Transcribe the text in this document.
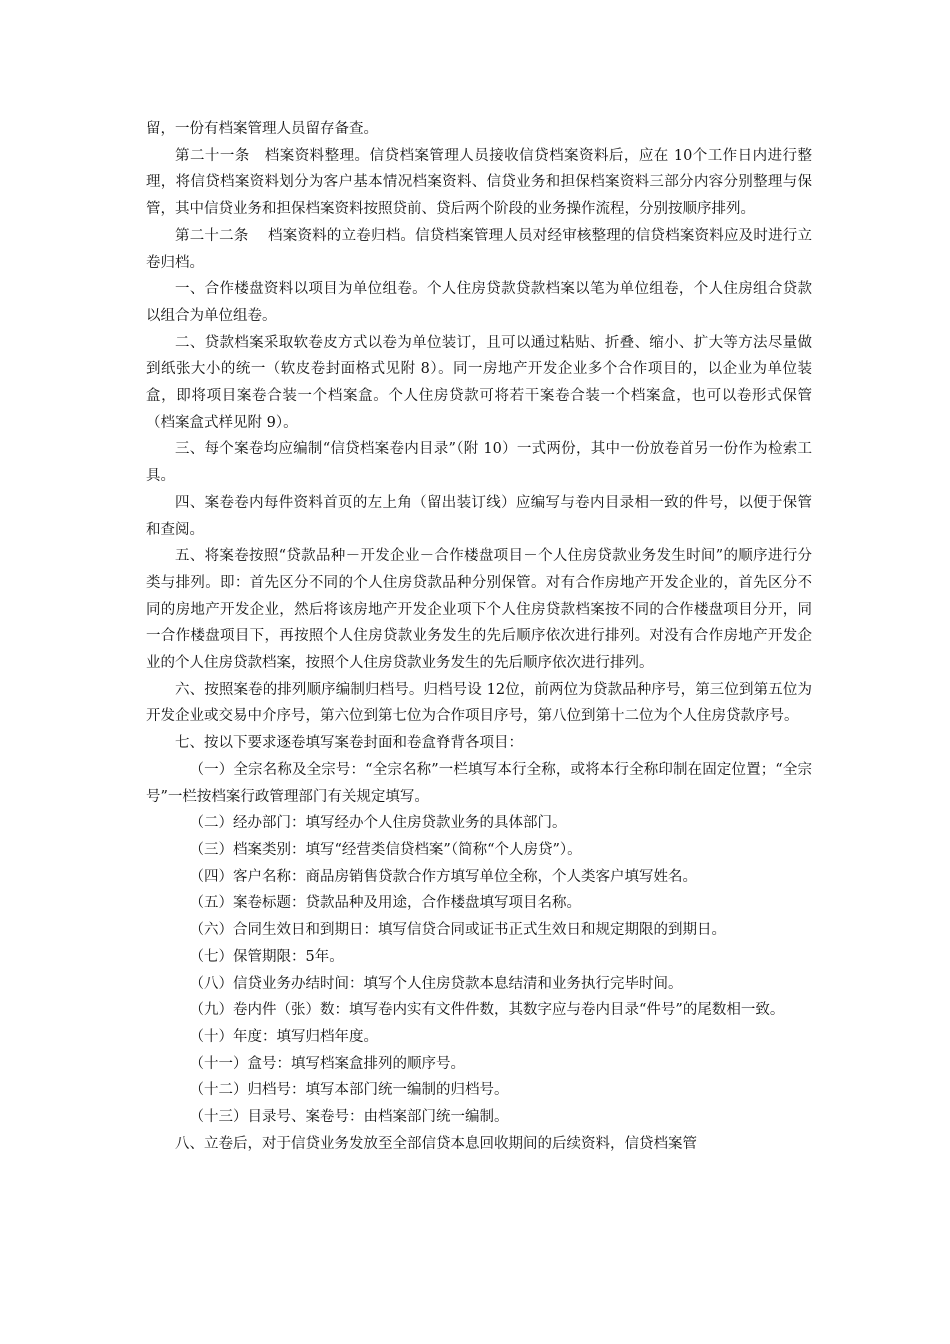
留，一份有档案管理人员留存备查。

第二十一条　档案资料整理。信贷档案管理人员接收信贷档案资料后，应在 10个工作日内进行整理，将信贷档案资料划分为客户基本情况档案资料、信贷业务和担保档案资料三部分内容分别整理与保管，其中信贷业务和担保档案资料按照贷前、贷后两个阶段的业务操作流程，分别按顺序排列。

第二十二条　 档案资料的立卷归档。信贷档案管理人员对经审核整理的信贷档案资料应及时进行立卷归档。

一、合作楼盘资料以项目为单位组卷。个人住房贷款贷款档案以笔为单位组卷，个人住房组合贷款以组合为单位组卷。

二、贷款档案采取软卷皮方式以卷为单位装订，且可以通过粘贴、折叠、缩小、扩大等方法尽量做到纸张大小的统一（软皮卷封面格式见附 8）。同一房地产开发企业多个合作项目的，以企业为单位装盒，即将项目案卷合装一个档案盒。个人住房贷款可将若干案卷合装一个档案盒，也可以卷形式保管（档案盒式样见附 9）。

三、每个案卷均应编制“信贷档案卷内目录”（附 10）一式两份，其中一份放卷首另一份作为检索工具。

四、案卷卷内每件资料首页的左上角（留出装订线）应编写与卷内目录相一致的件号，以便于保管和查阅。

五、将案卷按照“贷款品种－开发企业－合作楼盘项目－个人住房贷款业务发生时间”的顺序进行分类与排列。即：首先区分不同的个人住房贷款品种分别保管。对有合作房地产开发企业的，首先区分不同的房地产开发企业，然后将该房地产开发企业项下个人住房贷款档案按不同的合作楼盘项目分开，同一合作楼盘项目下，再按照个人住房贷款业务发生的先后顺序依次进行排列。对没有合作房地产开发企业的个人住房贷款档案，按照个人住房贷款业务发生的先后顺序依次进行排列。

六、按照案卷的排列顺序编制归档号。归档号设 12位，前两位为贷款品种序号，第三位到第五位为开发企业或交易中介序号，第六位到第七位为合作项目序号，第八位到第十二位为个人住房贷款序号。

七、按以下要求逐卷填写案卷封面和卷盒脊背各项目：

（一）全宗名称及全宗号：“全宗名称”一栏填写本行全称，或将本行全称印制在固定位置；“全宗号”一栏按档案行政管理部门有关规定填写。

（二）经办部门：填写经办个人住房贷款业务的具体部门。

（三）档案类别：填写“经营类信贷档案”（简称“个人房贷”）。

（四）客户名称：商品房销售贷款合作方填写单位全称，个人类客户填写姓名。

（五）案卷标题：贷款品种及用途，合作楼盘填写项目名称。

（六）合同生效日和到期日：填写信贷合同或证书正式生效日和规定期限的到期日。

（七）保管期限：5年。

（八）信贷业务办结时间：填写个人住房贷款本息结清和业务执行完毕时间。

（九）卷内件（张）数：填写卷内实有文件件数，其数字应与卷内目录“件号”的尾数相一致。

（十）年度：填写归档年度。

（十一）盒号：填写档案盒排列的顺序号。

（十二）归档号：填写本部门统一编制的归档号。

（十三）目录号、案卷号：由档案部门统一编制。

八、立卷后，对于信贷业务发放至全部信贷本息回收期间的后续资料，信贷档案管
